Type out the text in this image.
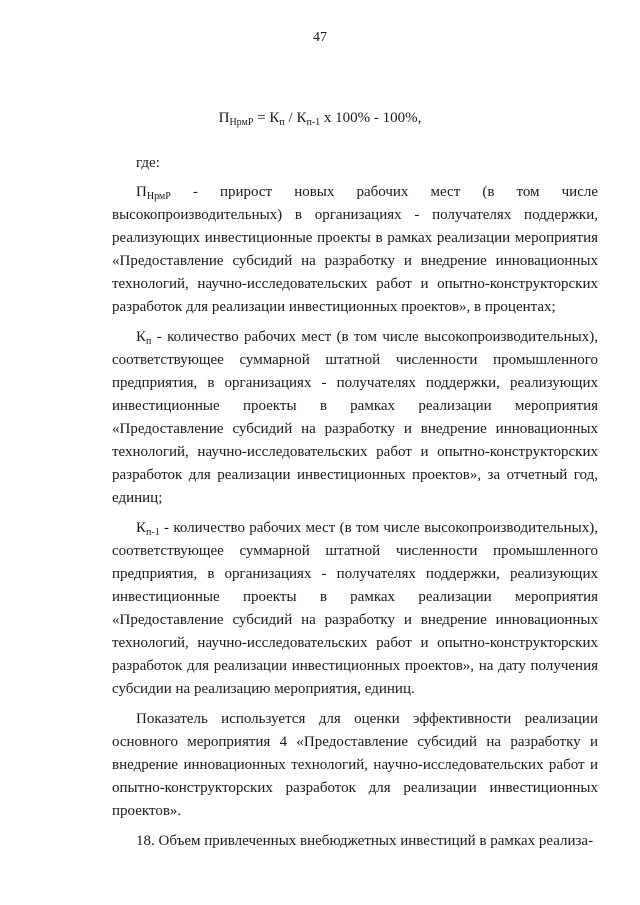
47
$П_{НрмР} = К_п / К_{п-1}$ х 100% - 100%,

где:

$П_{НрмР}$ - прирост новых рабочих мест (в том числе высокопроизводительных) в организациях - получателях поддержки, реализующих инвестиционные проекты в рамках реализации мероприятия «Предоставление субсидий на разработку и внедрение инновационных технологий, научно-исследовательских работ и опытно-конструкторских разработок для реализации инвестиционных проектов», в процентах;

$К_п$ - количество рабочих мест (в том числе высокопроизводительных), соответствующее суммарной штатной численности промышленного предприятия, в организациях - получателях поддержки, реализующих инвестиционные проекты в рамках реализации мероприятия «Предоставление субсидий на разработку и внедрение инновационных технологий, научно-исследовательских работ и опытно-конструкторских разработок для реализации инвестиционных проектов», за отчетный год, единиц;

$К_{п-1}$ - количество рабочих мест (в том числе высокопроизводительных), соответствующее суммарной штатной численности промышленного предприятия, в организациях - получателях поддержки, реализующих инвестиционные проекты в рамках реализации мероприятия «Предоставление субсидий на разработку и внедрение инновационных технологий, научно-исследовательских работ и опытно-конструкторских разработок для реализации инвестиционных проектов», на дату получения субсидии на реализацию мероприятия, единиц.

Показатель используется для оценки эффективности реализации основного мероприятия 4 «Предоставление субсидий на разработку и внедрение инновационных технологий, научно-исследовательских работ и опытно-конструкторских разработок для реализации инвестиционных проектов».

18. Объем привлеченных внебюджетных инвестиций в рамках реализа-
